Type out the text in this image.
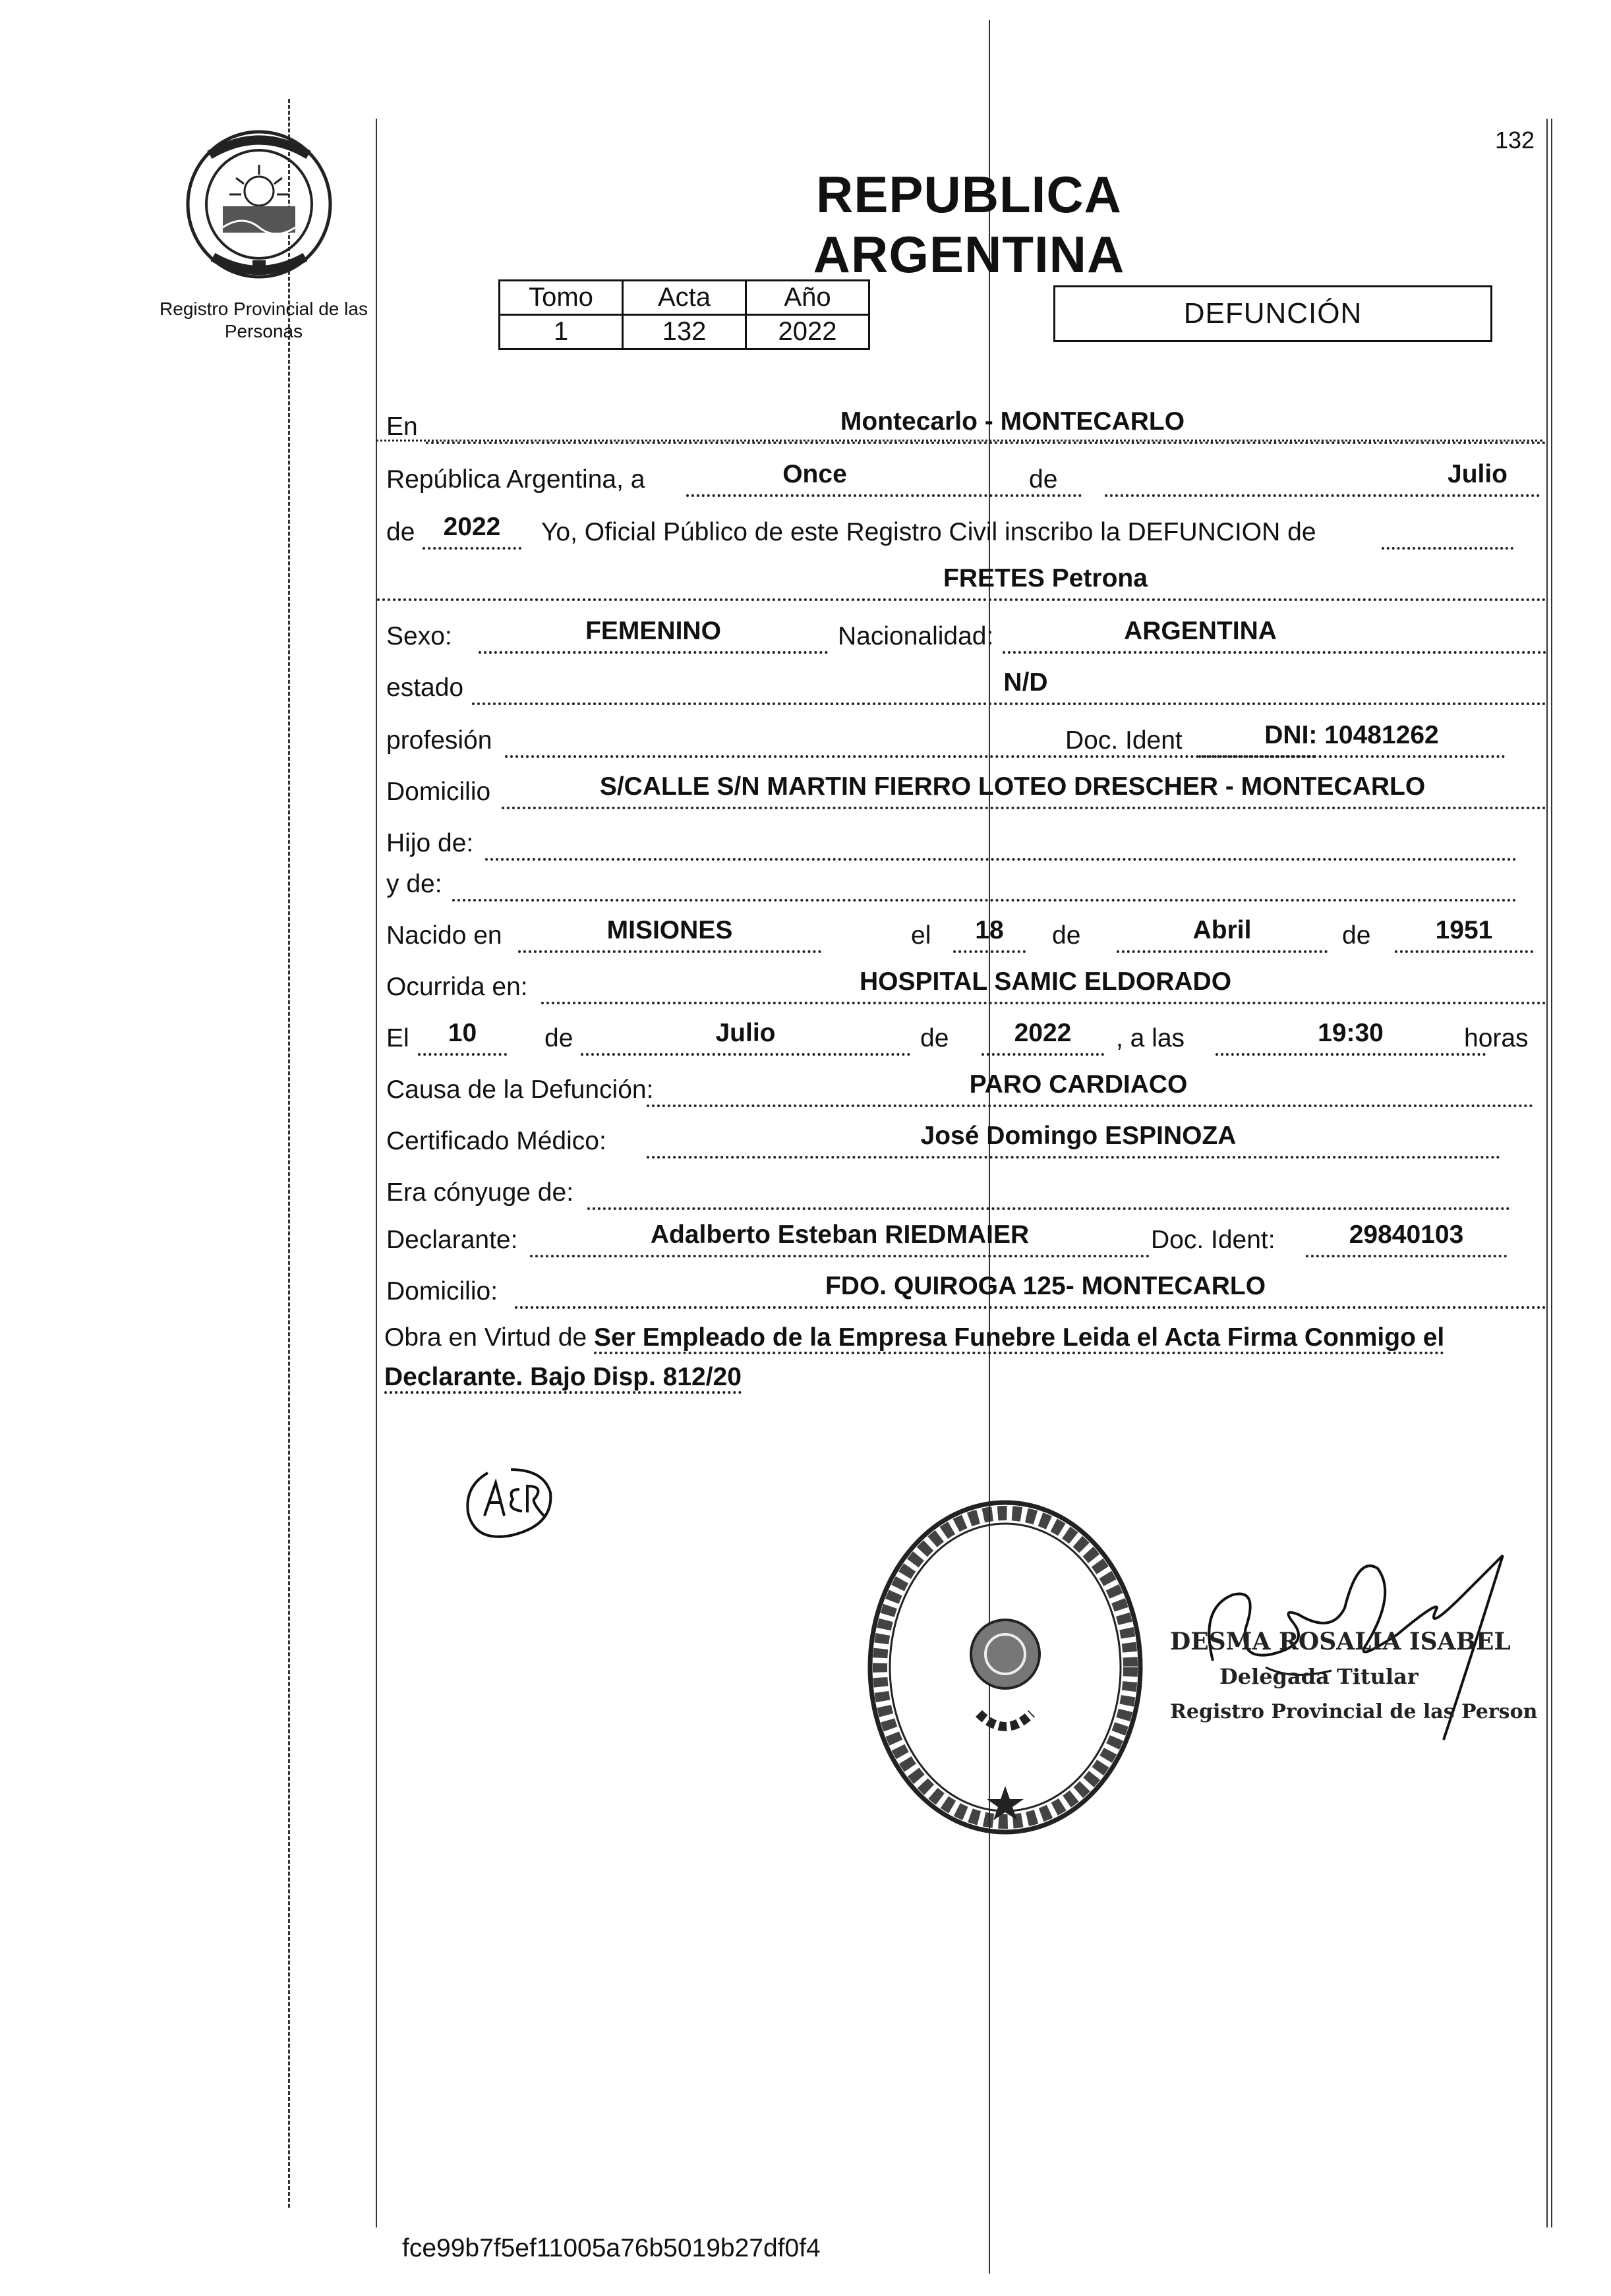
Registro Provincial de las Personas
132
REPUBLICA ARGENTINA
Tomo	Acta	Año
1	132	2022
DEFUNCIÓN
En	Montecarlo - MONTECARLO
República Argentina, a	Once	de	Julio
de	2022	Yo, Oficial Público de este Registro Civil inscribo la DEFUNCION de
FRETES Petrona
Sexo:	FEMENINO	Nacionalidad:	ARGENTINA
estado	N/D
profesión	Doc. Ident	DNI: 10481262
Domicilio	S/CALLE S/N MARTIN FIERRO LOTEO DRESCHER - MONTECARLO
Hijo de:
y de:
Nacido en	MISIONES	el	18	de	Abril	de	1951
Ocurrida en:	HOSPITAL SAMIC ELDORADO
El	10	de	Julio	de	2022	, a las	19:30	horas
Causa de la Defunción:	PARO CARDIACO
Certificado Médico:	José Domingo ESPINOZA
Era cónyuge de:
Declarante:	Adalberto Esteban RIEDMAIER	Doc. Ident:	29840103
Domicilio:	FDO. QUIROGA 125- MONTECARLO
Obra en Virtud de Ser Empleado de la Empresa Funebre Leida el Acta Firma Conmigo el Declarante. Bajo Disp. 812/20
DESMA ROSALIA ISABEL
Delegada Titular
Registro Provincial de las Person
fce99b7f5ef11005a76b5019b27df0f4
